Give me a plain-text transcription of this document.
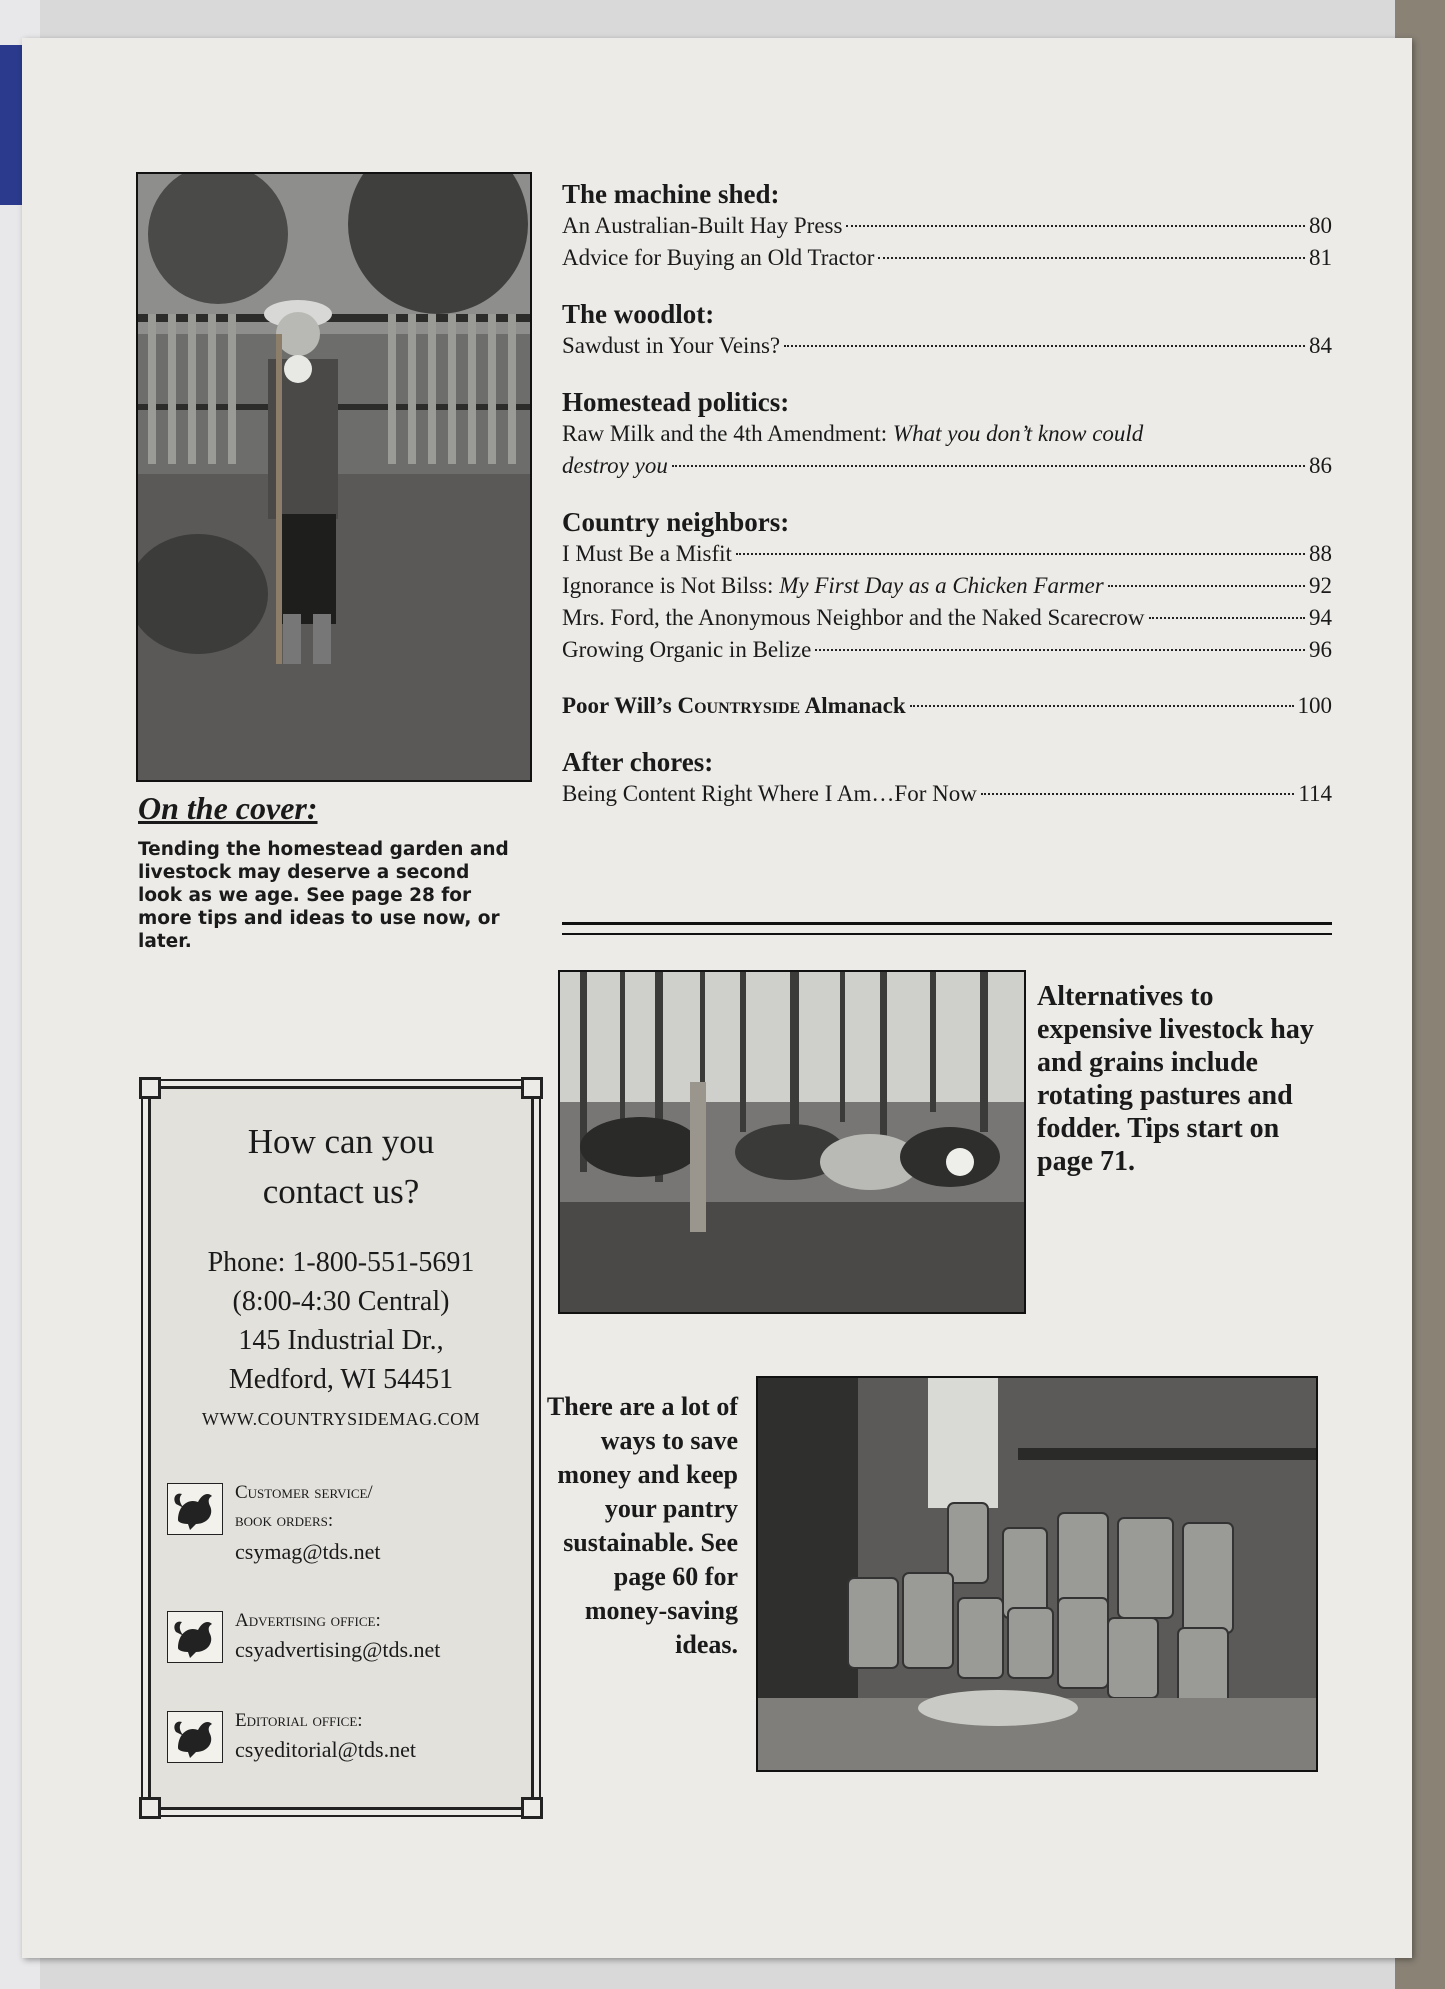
On the cover:
Tending the homestead garden and livestock may deserve a second look as we age. See page 28 for more tips and ideas to use now, or later.
The machine shed:
An Australian-Built Hay Press	80
Advice for Buying an Old Tractor	81
The woodlot:
Sawdust in Your Veins?	84
Homestead politics:
Raw Milk and the 4th Amendment: What you don’t know could
destroy you	86
Country neighbors:
I Must Be a Misfit	88
Ignorance is Not Bilss: My First Day as a Chicken Farmer	92
Mrs. Ford, the Anonymous Neighbor and the Naked Scarecrow	94
Growing Organic in Belize	96
Poor Will’s Countryside Almanack	100
After chores:
Being Content Right Where I Am…For Now	114
Alternatives to expensive livestock hay and grains include rotating pastures and fodder. Tips start on page 71.
There are a lot of ways to save money and keep your pantry sustainable. See page 60 for money-saving ideas.
How can you
contact us?
Phone: 1-800-551-5691
(8:00-4:30 Central)
145 Industrial Dr.,
Medford, WI 54451
WWW.COUNTRYSIDEMAG.COM
Customer service/
book orders:
csymag@tds.net
Advertising office:
csyadvertising@tds.net
Editorial office:
csyeditorial@tds.net
